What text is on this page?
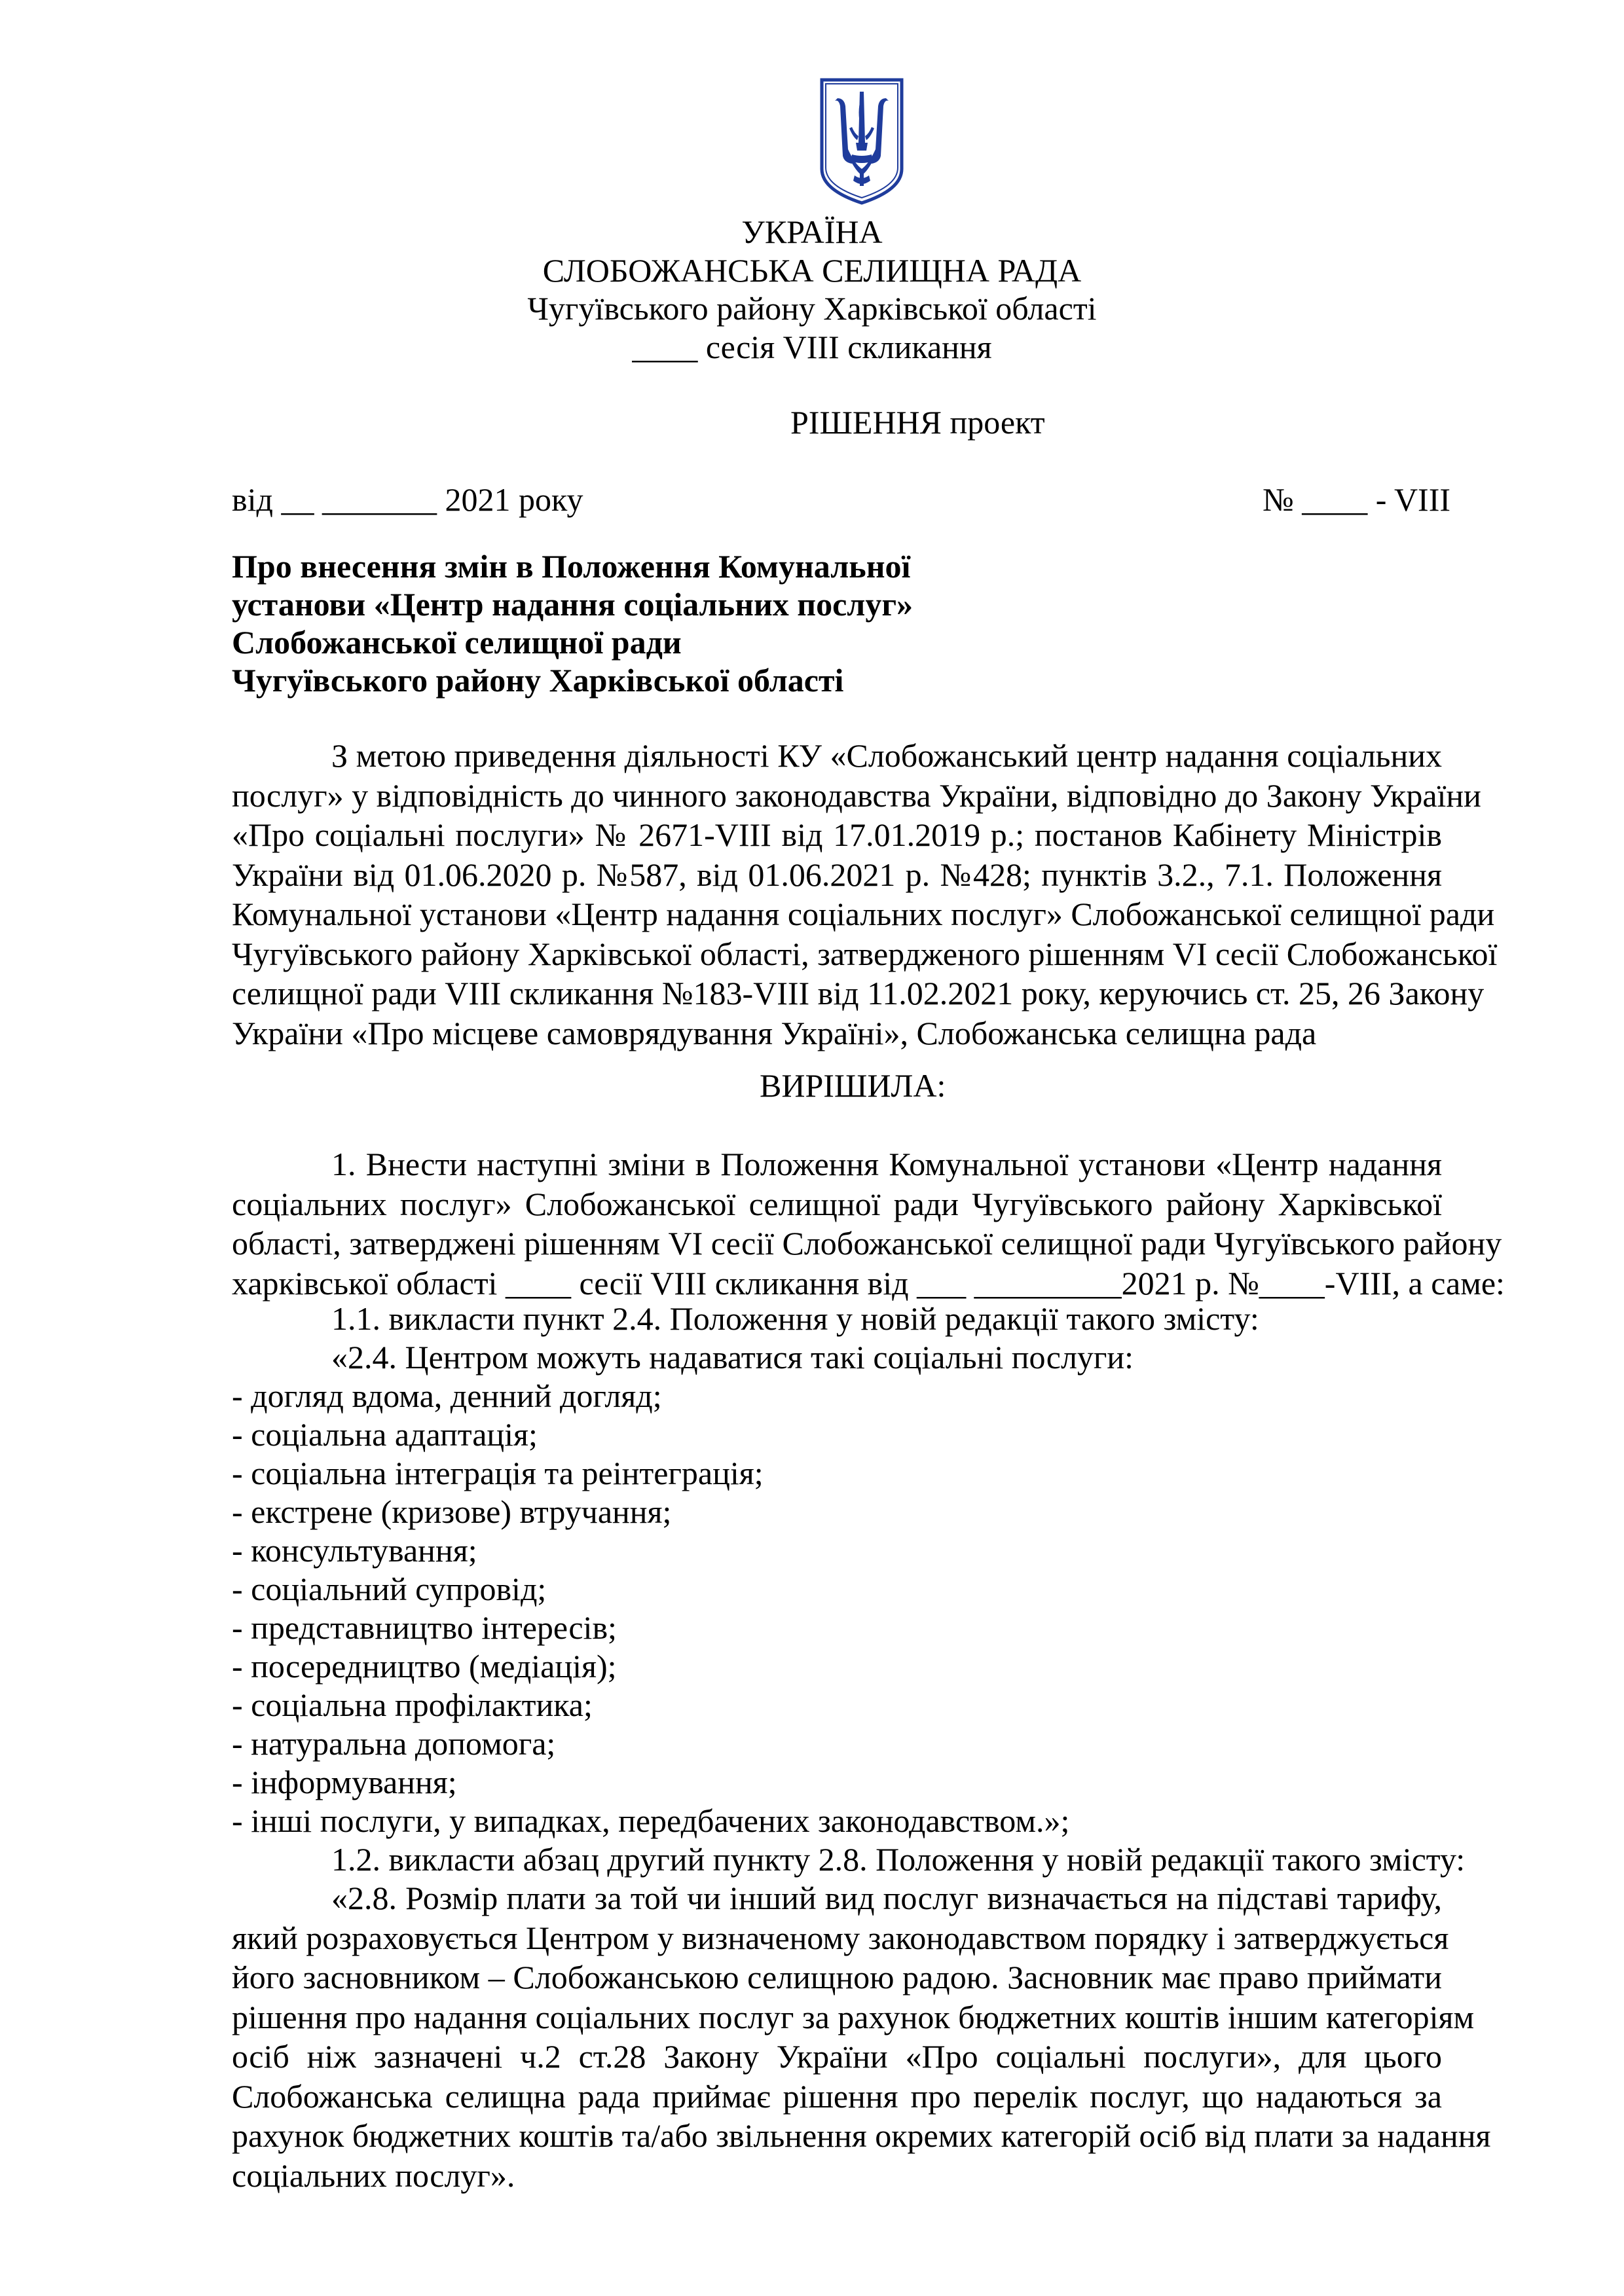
УКРАЇНА
СЛОБОЖАНСЬКА СЕЛИЩНА РАДА
Чугуївського району Харківської області
____ сесія VIII скликання
РІШЕННЯ проект
від __ _______ 2021 року	№ ____ - VIII
Про внесення змін в Положення Комунальної
установи «Центр надання соціальних послуг»
Слобожанської селищної ради
Чугуївського району Харківської області
З метою приведення діяльності КУ «Слобожанський центр надання соціальних
послуг» у відповідність до чинного законодавства України, відповідно до Закону України
«Про соціальні послуги» № 2671-VIII від 17.01.2019 р.; постанов Кабінету Міністрів
України від 01.06.2020 р. №587, від 01.06.2021 р. №428; пунктів 3.2., 7.1. Положення
Комунальної установи «Центр надання соціальних послуг» Слобожанської селищної ради
Чугуївського району Харківської області, затвердженого рішенням VI сесії Слобожанської
селищної ради VIII скликання №183-VIII від 11.02.2021 року, керуючись ст. 25, 26 Закону
України «Про місцеве самоврядування Україні», Слобожанська селищна рада
ВИРІШИЛА:
1. Внести наступні зміни в Положення Комунальної установи «Центр надання
соціальних послуг» Слобожанської селищної ради Чугуївського району Харківської
області, затверджені рішенням VI сесії Слобожанської селищної ради Чугуївського району
харківської області ____ сесії VIII скликання від ___ _________2021 р. №____-VIII, а саме:
1.1. викласти пункт 2.4. Положення у новій редакції такого змісту:
«2.4. Центром можуть надаватися такі соціальні послуги:
- догляд вдома, денний догляд;
- соціальна адаптація;
- соціальна інтеграція та реінтеграція;
- екстрене (кризове) втручання;
- консультування;
- соціальний супровід;
- представництво інтересів;
- посередництво (медіація);
- соціальна профілактика;
- натуральна допомога;
- інформування;
- інші послуги, у випадках, передбачених законодавством.»;
1.2. викласти абзац другий пункту 2.8. Положення у новій редакції такого змісту:
«2.8. Розмір плати за той чи інший вид послуг визначається на підставі тарифу,
який розраховується Центром у визначеному законодавством порядку і затверджується
його засновником – Слобожанською селищною радою. Засновник має право приймати
рішення про надання соціальних послуг за рахунок бюджетних коштів іншим категоріям
осіб ніж зазначені ч.2 ст.28 Закону України «Про соціальні послуги», для цього
Слобожанська селищна рада приймає рішення про перелік послуг, що надаються за
рахунок бюджетних коштів та/або звільнення окремих категорій осіб від плати за надання
соціальних послуг».
